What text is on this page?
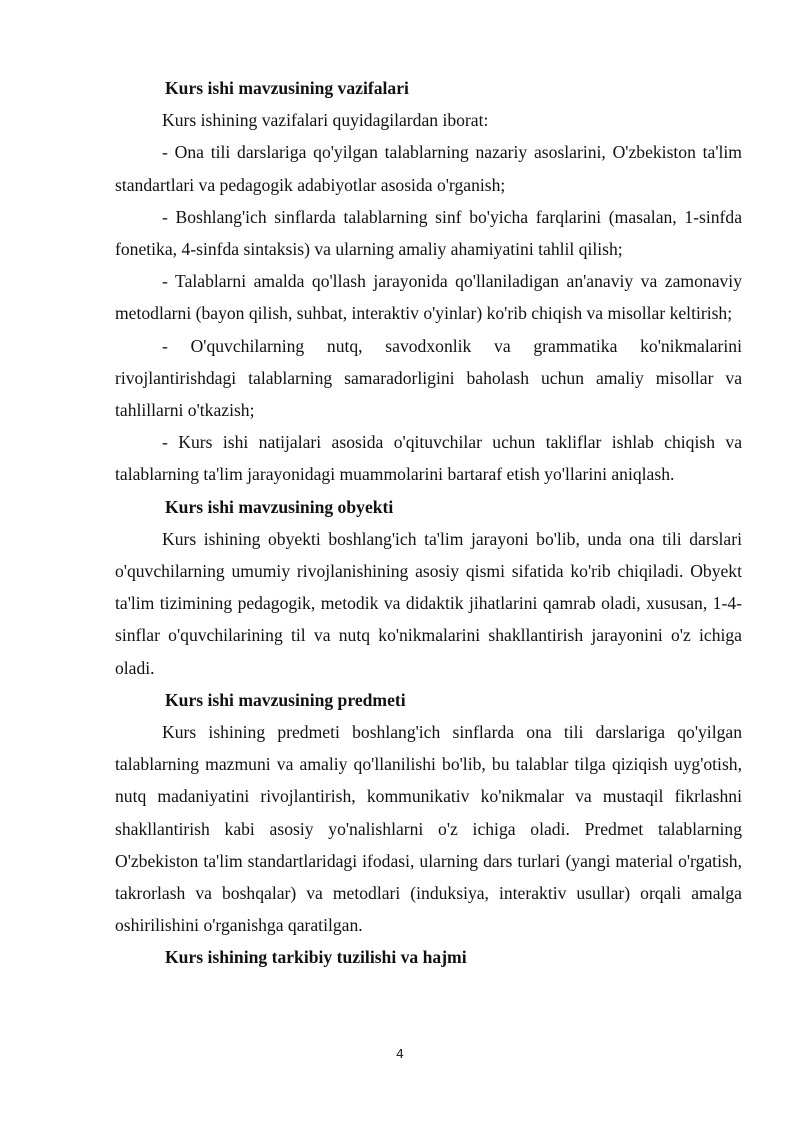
Kurs ishi mavzusining vazifalari

Kurs ishining vazifalari quyidagilardan iborat:

- Ona tili darslariga qo'yilgan talablarning nazariy asoslarini, O'zbekiston ta'lim standartlari va pedagogik adabiyotlar asosida o'rganish;

- Boshlang'ich sinflarda talablarning sinf bo'yicha farqlarini (masalan, 1-sinfda fonetika, 4-sinfda sintaksis) va ularning amaliy ahamiyatini tahlil qilish;

- Talablarni amalda qo'llash jarayonida qo'llaniladigan an'anaviy va zamonaviy metodlarni (bayon qilish, suhbat, interaktiv o'yinlar) ko'rib chiqish va misollar keltirish;

- O'quvchilarning nutq, savodxonlik va grammatika ko'nikmalarini rivojlantirishdagi talablarning samaradorligini baholash uchun amaliy misollar va tahlillarni o'tkazish;

- Kurs ishi natijalari asosida o'qituvchilar uchun takliflar ishlab chiqish va talablarning ta'lim jarayonidagi muammolarini bartaraf etish yo'llarini aniqlash.

Kurs ishi mavzusining obyekti

Kurs ishining obyekti boshlang'ich ta'lim jarayoni bo'lib, unda ona tili darslari o'quvchilarning umumiy rivojlanishining asosiy qismi sifatida ko'rib chiqiladi. Obyekt ta'lim tizimining pedagogik, metodik va didaktik jihatlarini qamrab oladi, xususan, 1-4-sinflar o'quvchilarining til va nutq ko'nikmalarini shakllantirish jarayonini o'z ichiga oladi.

Kurs ishi mavzusining predmeti

Kurs ishining predmeti boshlang'ich sinflarda ona tili darslariga qo'yilgan talablarning mazmuni va amaliy qo'llanilishi bo'lib, bu talablar tilga qiziqish uyg'otish, nutq madaniyatini rivojlantirish, kommunikativ ko'nikmalar va mustaqil fikrlashni shakllantirish kabi asosiy yo'nalishlarni o'z ichiga oladi. Predmet talablarning O'zbekiston ta'lim standartlaridagi ifodasi, ularning dars turlari (yangi material o'rgatish, takrorlash va boshqalar) va metodlari (induksiya, interaktiv usullar) orqali amalga oshirilishini o'rganishga qaratilgan.

Kurs ishining tarkibiy tuzilishi va hajmi
4
